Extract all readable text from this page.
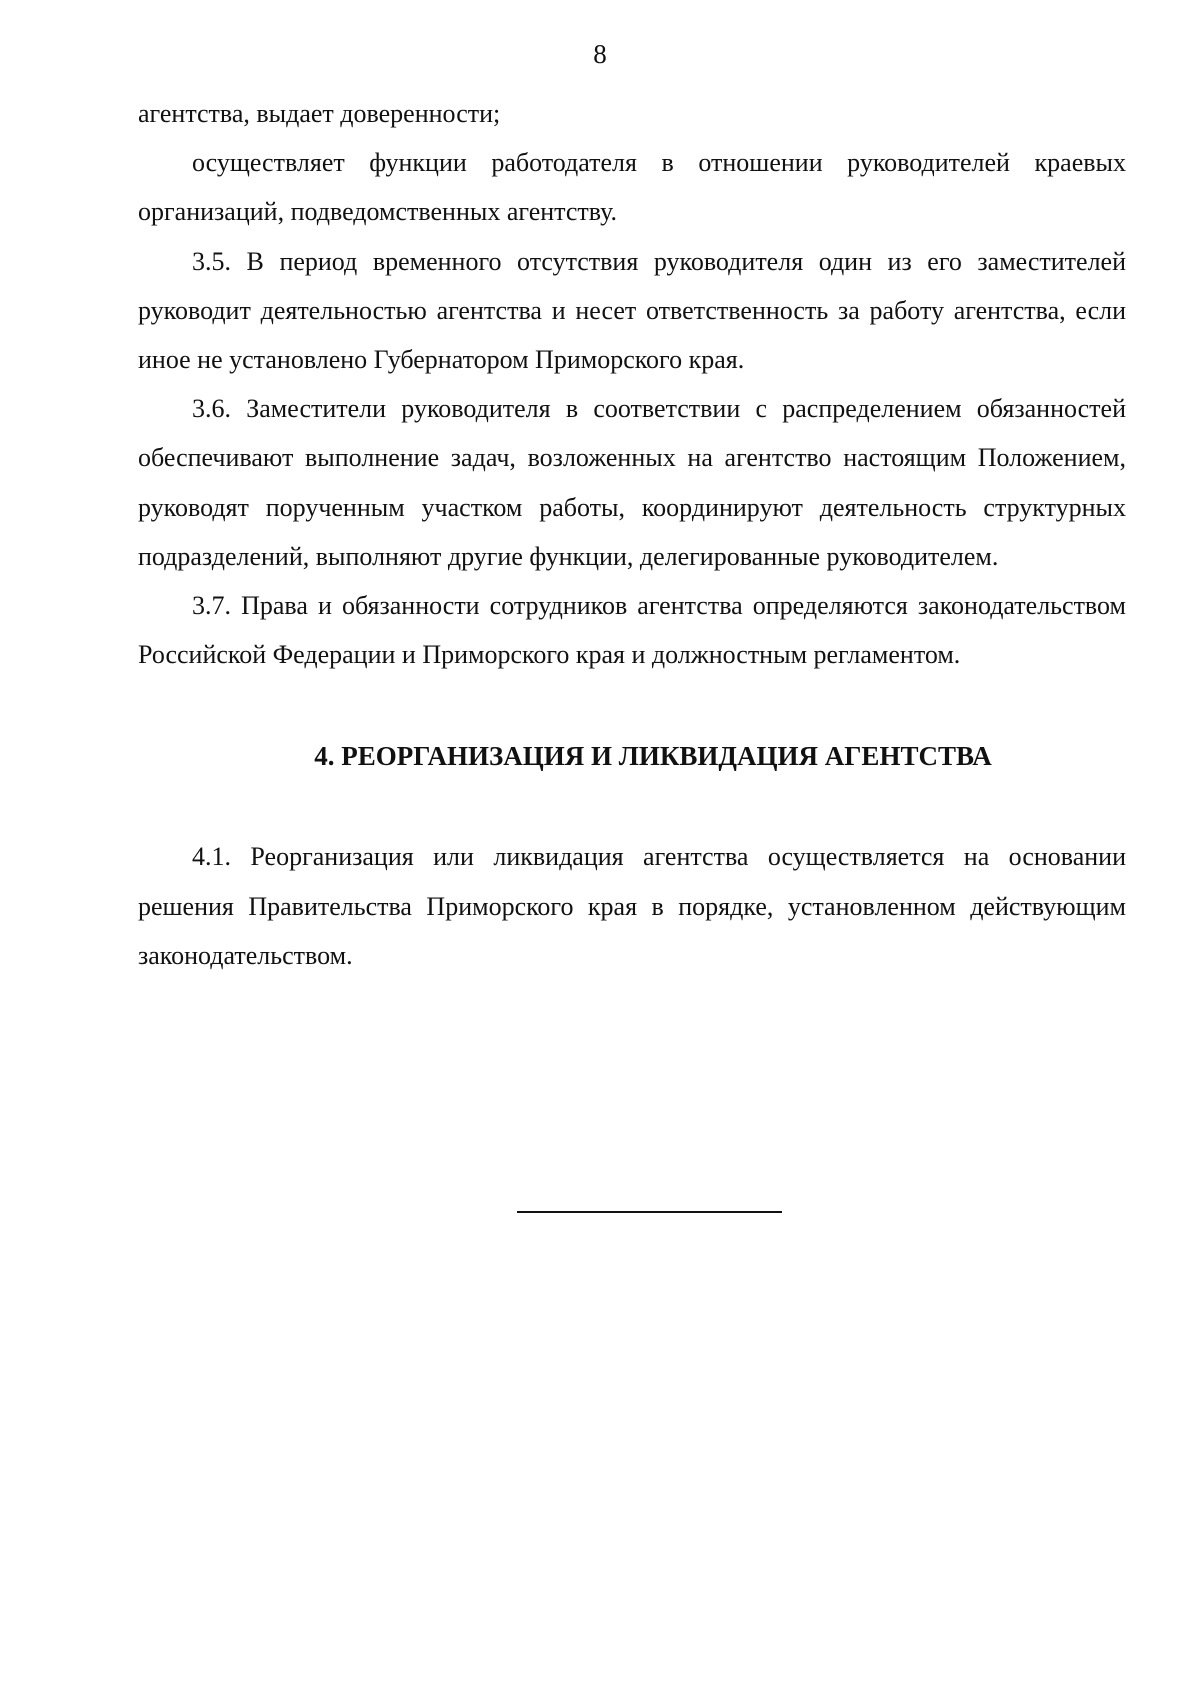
8

агентства, выдает доверенности;

осуществляет функции работодателя в отношении руководителей краевых организаций, подведомственных агентству.

3.5. В период временного отсутствия руководителя один из его заместителей руководит деятельностью агентства и несет ответственность за работу агентства, если иное не установлено Губернатором Приморского края.

3.6. Заместители руководителя в соответствии с распределением обязанностей обеспечивают выполнение задач, возложенных на агентство настоящим Положением, руководят порученным участком работы, координируют деятельность структурных подразделений, выполняют другие функции, делегированные руководителем.

3.7. Права и обязанности сотрудников агентства определяются законодательством Российской Федерации и Приморского края и должностным регламентом.

4. РЕОРГАНИЗАЦИЯ И ЛИКВИДАЦИЯ АГЕНТСТВА

4.1. Реорганизация или ликвидация агентства осуществляется на основании решения Правительства Приморского края в порядке, установленном действующим законодательством.
